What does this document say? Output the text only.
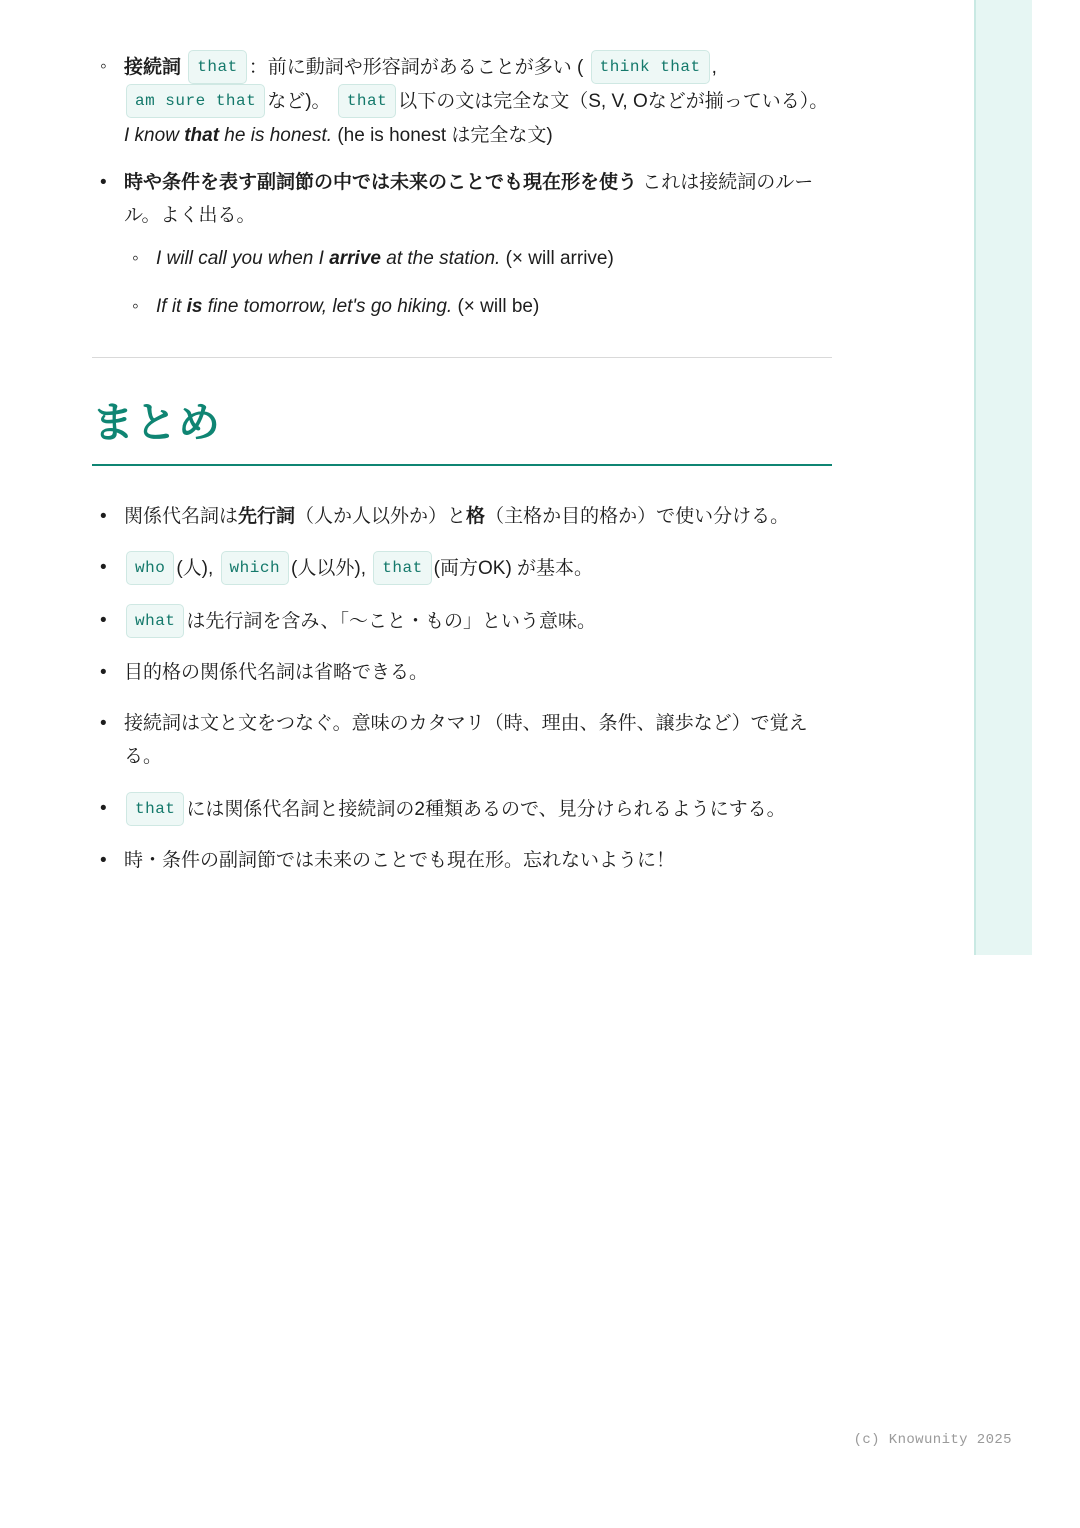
◦ 接続詞 that ：前に動詞や形容詞があることが多い ( think that , am sure that など)。 that 以下の文は完全な文（S, V, Oなどが揃っている）。 I know that he is honest. (he is honest は完全な文)
• 時や条件を表す副詞節の中では未来のことでも現在形を使う これは接続詞のルール。よく出る。
◦ I will call you when I arrive at the station. (× will arrive)
◦ If it is fine tomorrow, let's go hiking. (× will be)
まとめ
• 関係代名詞は先行詞（人か人以外か）と格（主格か目的格か）で使い分ける。
• who (人), which (人以外), that (両方OK) が基本。
• what は先行詞を含み、「〜こと・もの」という意味。
• 目的格の関係代名詞は省略できる。
• 接続詞は文と文をつなぐ。意味のカタマリ（時、理由、条件、譲歩など）で覚える。
• that には関係代名詞と接続詞の2種類あるので、見分けられるようにする。
• 時・条件の副詞節では未来のことでも現在形。忘れないように！
(c) Knowunity 2025
